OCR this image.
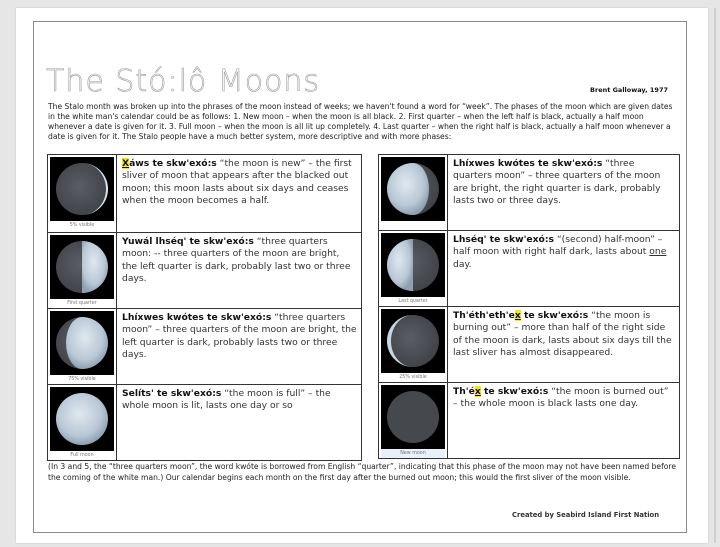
The Stó:lô Moons	Brent Galloway, 1977
The Stalo month was broken up into the phrases of the moon instead of weeks; we haven't found a word for “week”. The phases of the moon which are given dates in the white man's calendar could be as follows: 1. New moon – when the moon is all black. 2. First quarter – when the left half is black, actually a half moon whenever a date is given for it. 3. Full moon – when the moon is all lit up completely. 4. Last quarter – when the right half is black, actually a half moon whenever a date is given for it. The Stalo people have a much better system, more descriptive and with more phases:
5% visible	Xáws te skw'exó:s “the moon is new” – the first sliver of moon that appears after the blacked out moon; this moon lasts about six days and ceases when the moon becomes a half.

First quarter	Yuwál lhséq' te skw'exó:s “three quarters moon: -- three quarters of the moon are bright, the left quarter is dark, probably last two or three days.

75% visible	Lhíxwes kwótes te skw'exó:s “three quarters moon” – three quarters of the moon are bright, the left quarter is dark, probably lasts two or three days.

Full moon	Selíts' te skw'exó:s “the moon is full” – the whole moon is lit, lasts one day or so
	Lhíxwes kwótes te skw'exó:s “three quarters moon” – three quarters of the moon are bright, the right quarter is dark, probably lasts two or three days.

Last quarter	Lhséq' te skw'exó:s “(second) half-moon” – half moon with right half dark, lasts about one day.

25% visible	Th'éth'eth'ex te skw'exó:s “the moon is burning out” – more than half of the right side of the moon is dark, lasts about six days till the last sliver has almost disappeared.

New moon	Th'éx te skw'exó:s “the moon is burned out” – the whole moon is black lasts one day.
(In 3 and 5, the “three quarters moon”, the word kwóte is borrowed from English “quarter”, indicating that this phase of the moon may not have been named before the coming of the white man.) Our calendar begins each month on the first day after the burned out moon; this would the first sliver of the moon visible.
Created by Seabird Island First Nation
